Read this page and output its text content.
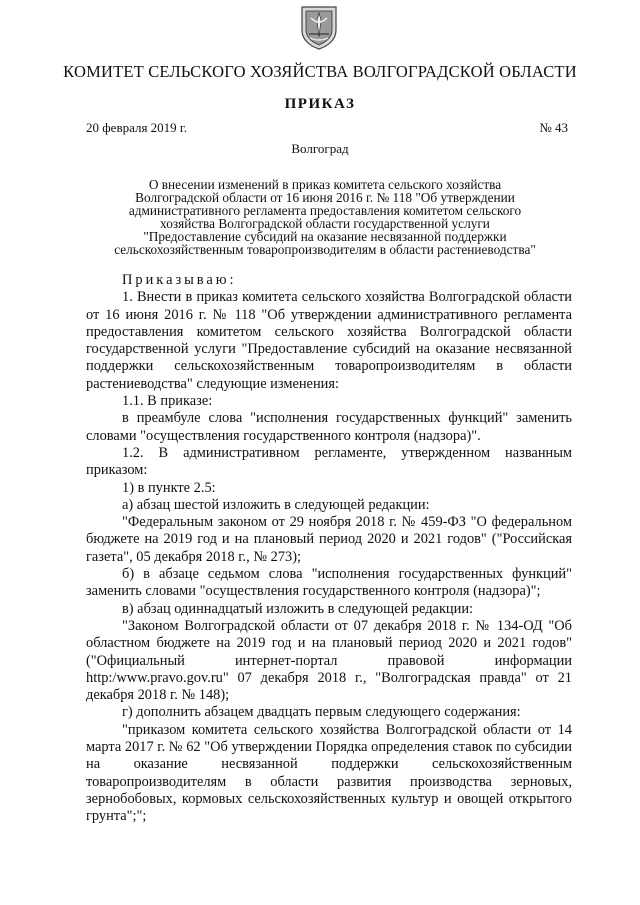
КОМИТЕТ СЕЛЬСКОГО ХОЗЯЙСТВА ВОЛГОГРАДСКОЙ ОБЛАСТИ
ПРИКАЗ
20 февраля 2019 г.	№ 43
Волгоград
О внесении изменений в приказ комитета сельского хозяйства
Волгоградской области от 16 июня 2016 г. № 118 "Об утверждении
административного регламента предоставления комитетом сельского
хозяйства Волгоградской области государственной услуги
"Предоставление субсидий на оказание несвязанной поддержки
сельскохозяйственным товаропроизводителям в области растениеводства"

Приказываю:

1. Внести в приказ комитета сельского хозяйства Волгоградской области от 16 июня 2016 г. № 118 "Об утверждении административного регламента предоставления комитетом сельского хозяйства Волгоградской области государственной услуги "Предоставление субсидий на оказание несвязанной поддержки сельскохозяйственным товаропроизводителям в области растениеводства" следующие изменения:

1.1. В приказе:

в преамбуле слова "исполнения государственных функций" заменить словами "осуществления государственного контроля (надзора)".

1.2. В административном регламенте, утвержденном названным приказом:

1) в пункте 2.5:

а) абзац шестой изложить в следующей редакции:

"Федеральным законом от 29 ноября 2018 г. № 459-ФЗ "О федеральном бюджете на 2019 год и на плановый период 2020 и 2021 годов" ("Российская газета", 05 декабря 2018 г., № 273);

б) в абзаце седьмом слова "исполнения государственных функций" заменить словами "осуществления государственного контроля (надзора)";

в) абзац одиннадцатый изложить в следующей редакции:

"Законом Волгоградской области от 07 декабря 2018 г. № 134-ОД "Об областном бюджете на 2019 год и на плановый период 2020 и 2021 годов" ("Официальный интернет-портал правовой информации http:/www.pravo.gov.ru" 07 декабря 2018 г., "Волгоградская правда" от 21 декабря 2018 г. № 148);

г) дополнить абзацем двадцать первым следующего содержания:

"приказом комитета сельского хозяйства Волгоградской области от 14 марта 2017 г. № 62 "Об утверждении Порядка определения ставок по субсидии на оказание несвязанной поддержки сельскохозяйственным товаропроизводителям в области развития производства зерновых, зернобобовых, кормовых сельскохозяйственных культур и овощей открытого грунта";";
